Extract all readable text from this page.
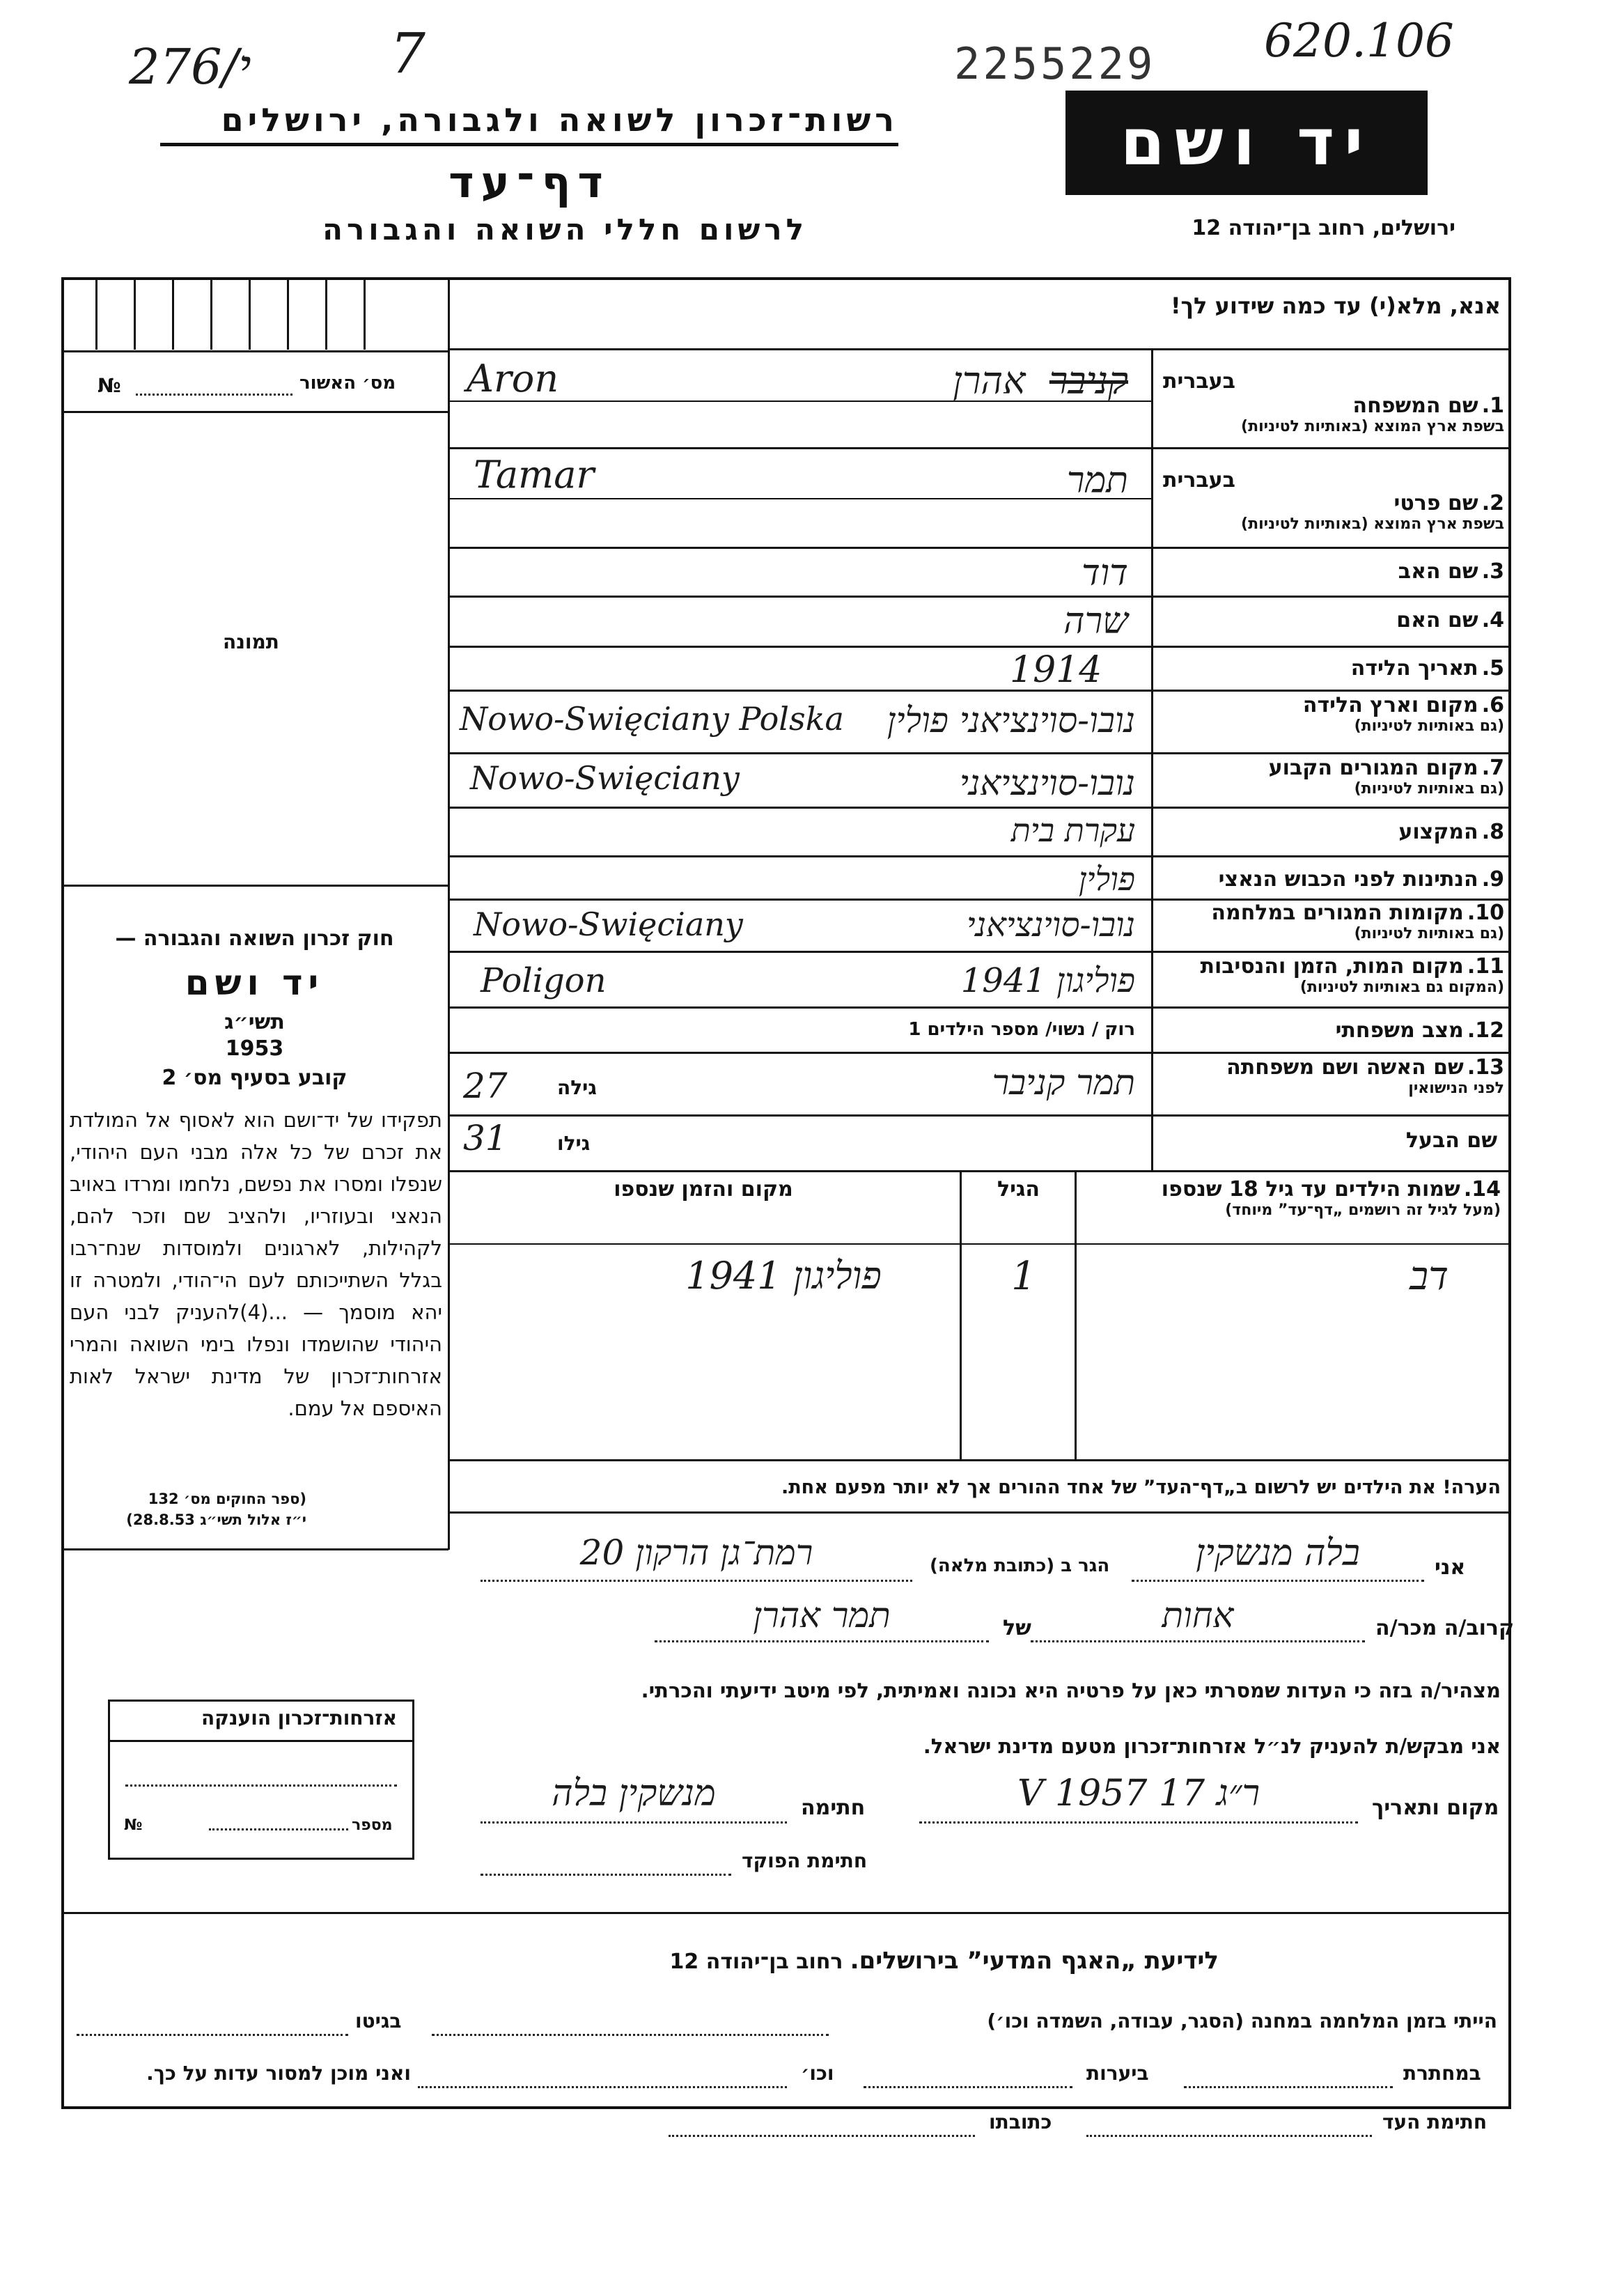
276/י 7	2255229 620.106
רשות־זכרון לשואה ולגבורה, ירושלים
דף־עד
לרשום חללי השואה והגבורה
יד ושם
ירושלים, רחוב בן־יהודה 12
מס׳ האשור
№
תמונה
חוק זכרון השואה והגבורה —
יד ושם
תשי״ג
1953
קובע בסעיף מס׳ 2
תפקידו של יד־ושם הוא לאסוף אל המולדת את זכרם של כל אלה מבני העם היהודי, שנפלו ומסרו את נפשם, נלחמו ומרדו באויב הנאצי ובעוזריו, ולהציב שם וזכר להם, לקהילות, לארגונים ולמוסדות שנח־רבו בגלל השתייכותם לעם הי־הודי, ולמטרה זו יהא מוסמך — ...(4)להעניק לבני העם היהודי שהושמדו ונפלו בימי השואה והמרי אזרחות־זכרון של מדינת ישראל לאות האיספם אל עמם.
(ספר החוקים מס׳ 132
י״ז אלול תשי״ג 28.8.53)
אזרחות־זכרון הוענקה
מספר
№
אנא, מלא(י) עד כמה שידוע לך!
בעברית
בעברית
1. שם המשפחה
בשפת ארץ המוצא (באותיות לטיניות)
2. שם פרטי
בשפת ארץ המוצא (באותיות לטיניות)
3. שם האב
4. שם האם
5. תאריך הלידה
6. מקום וארץ הלידה
(גם באותיות לטיניות)
7. מקום המגורים הקבוע
(גם באותיות לטיניות)
8. המקצוע
9. הנתינות לפני הכבוש הנאצי
10. מקומות המגורים במלחמה
(גם באותיות לטיניות)
11. מקום המות, הזמן והנסיבות
(המקום גם באותיות לטיניות)
12. מצב משפחתי
13. שם האשה ושם משפחתה
לפני הנישואין
שם הבעל
קניבר  אהרן
Aron
תמר
Tamar
דוד
שרה
1914
נובו-סוינציאני פולין
Nowo-Swięciany Polska
נובו-סוינציאני
Nowo-Swięciany
עקרת בית
פולין
נובו-סוינציאני
Nowo-Swięciany
פוליגון 1941
Poligon
רוק / נשוי/ מספר הילדים 1
תמר קניבר
גילה
27
גילו
31
14. שמות הילדים עד גיל 18 שנספו
(מעל לגיל זה רושמים „דף־עד” מיוחד)
הגיל
מקום והזמן שנספו
דב
1
פוליגון 1941
הערה! את הילדים יש לרשום ב„דף־העד” של אחד ההורים אך לא יותר מפעם אחת.
אני
בלה מנשקין
הגר ב (כתובת מלאה)
רמת־גן הרקון 20
קרוב/ה מכר/ה
אחות
של
תמר אהרן
מצהיר/ה בזה כי העדות שמסרתי כאן על פרטיה היא נכונה ואמיתית, לפי מיטב ידיעתי והכרתי.
אני מבקש/ת להעניק לנ״ל אזרחות־זכרון מטעם מדינת ישראל.
מקום ותאריך
ר״ג 17 V 1957
חתימה
מנשקין בלה
חתימת הפוקד
לידיעת „האגף המדעי” בירושלים.  רחוב בן־יהודה 12
הייתי בזמן המלחמה במחנה (הסגר, עבודה, השמדה וכו׳)
בגיטו
במחתרת
ביערות
וכו׳
ואני מוכן למסור עדות על כך.
חתימת העד
כתובתו
